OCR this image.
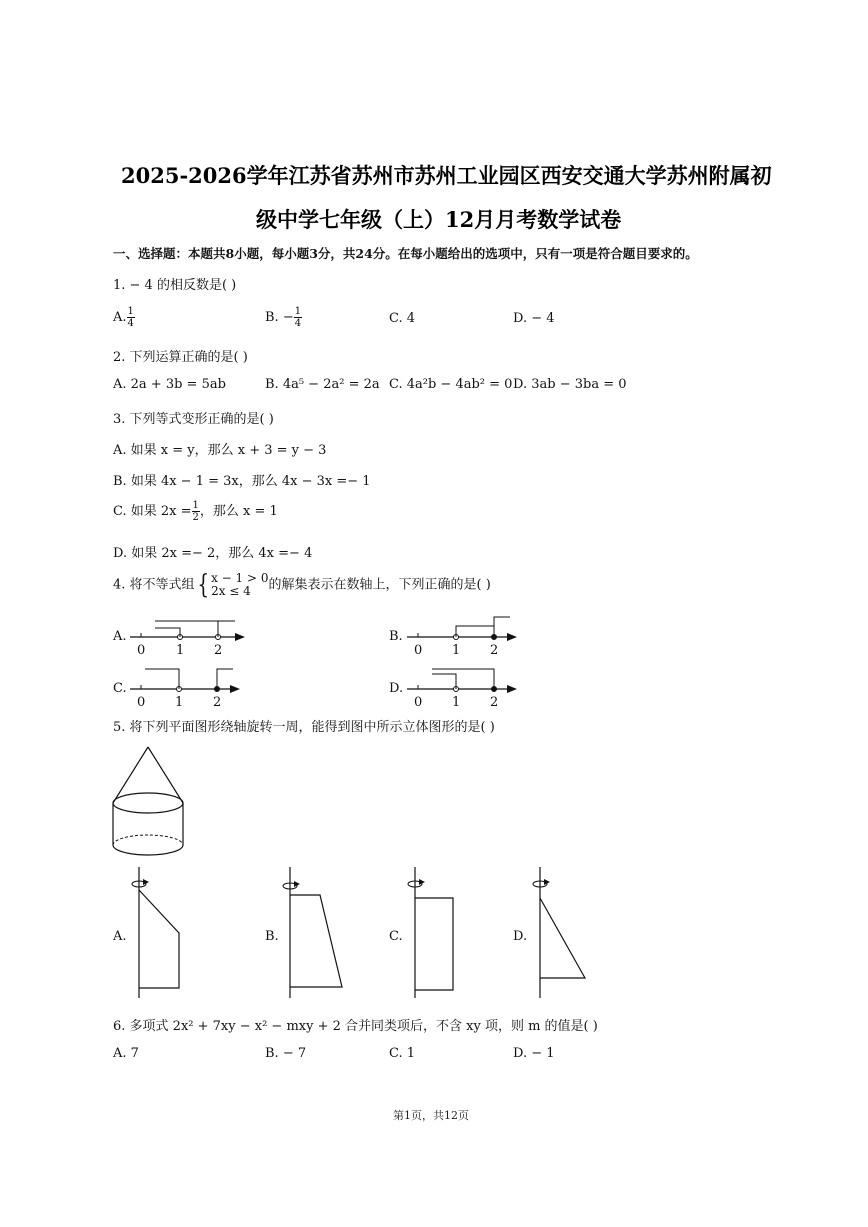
2025-2026学年江苏省苏州市苏州工业园区西安交通大学苏州附属初
级中学七年级（上）12月月考数学试卷
一、选择题：本题共8小题，每小题3分，共24分。在每小题给出的选项中，只有一项是符合题目要求的。
1. − 4 的相反数是( )
A. $\frac{1}{4}$	B. − $\frac{1}{4}$	C. 4	D. − 4
2. 下列运算正确的是( )
A. 2a + 3b = 5ab	B. 4a⁵ − 2a² = 2a C. 4a²b − 4ab² = 0 D. 3ab − 3ba = 0
3. 下列等式变形正确的是( )
A. 如果 x = y，那么 x + 3 = y − 3
B. 如果 4x − 1 = 3x，那么 4x − 3x =− 1
C. 如果 $2x = \frac{1}{2}$ ，那么 x = 1
D. 如果 2x =− 2，那么 4x =− 4
4. 将不等式组{ x − 1 > 0
2x ≤ 4	的解集表示在数轴上，下列正确的是( )
A.	B.
C.	D.
0 1 2	0 1 2
0 1 2	0 1 2
5. 将下列平面图形绕轴旋转一周，能得到图中所示立体图形的是( )
A.	B.	C.	D.
6. 多项式 2x² + 7xy − x² − mxy + 2 合并同类项后，不含 xy 项，则 m 的值是( )
A. 7	B. − 7	C. 1	D. − 1
第1页，共12页
